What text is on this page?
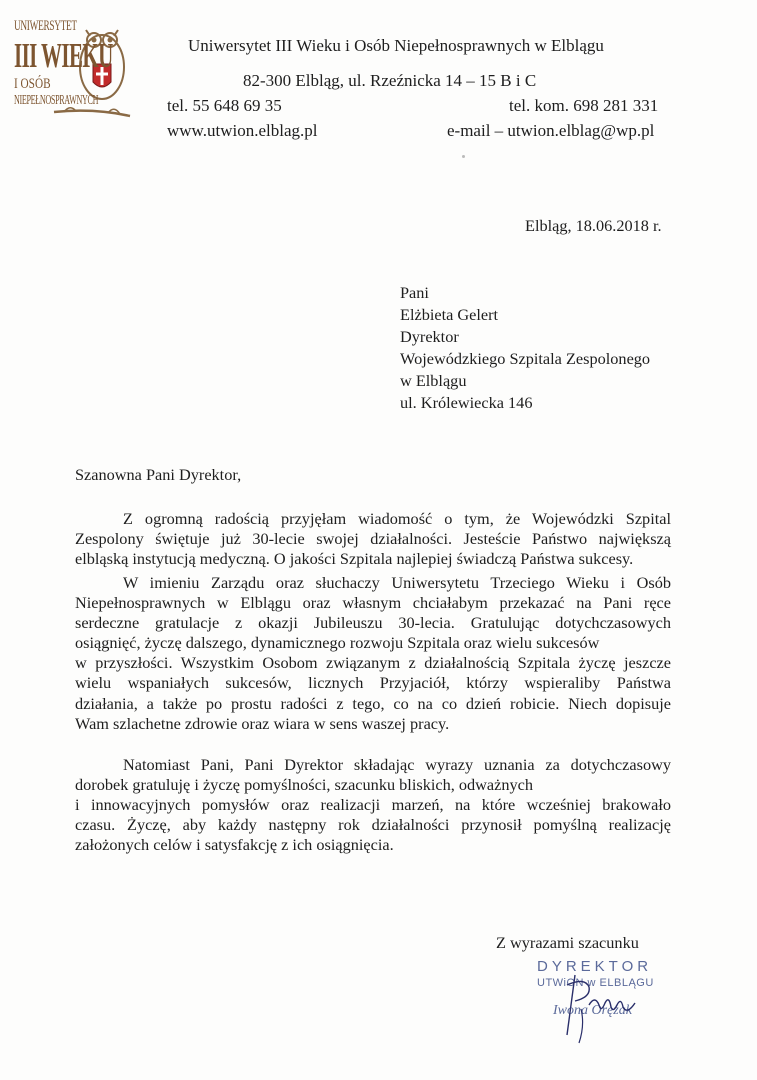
UNIWERSYTET
III WIEKU
I OSÓB
NIEPEŁNOSPRAWNYCH
Uniwersytet III Wieku i Osób Niepełnosprawnych w Elblągu
82-300 Elbląg, ul. Rzeźnicka 14 – 15 B i C
tel. 55 648 69 35	tel. kom. 698 281 331
www.utwion.elblag.pl	e-mail – utwion.elblag@wp.pl
Elbląg, 18.06.2018 r.
Pani
Elżbieta Gelert
Dyrektor
Wojewódzkiego Szpitala Zespolonego
w Elblągu
ul. Królewiecka 146
Szanowna Pani Dyrektor,
Z ogromną radością przyjęłam wiadomość o tym, że Wojewódzki Szpital
Zespolony świętuje już 30-lecie swojej działalności. Jesteście Państwo największą
elbląską instytucją medyczną. O jakości Szpitala najlepiej świadczą Państwa sukcesy.
W imieniu Zarządu oraz słuchaczy Uniwersytetu Trzeciego Wieku i Osób
Niepełnosprawnych w Elblągu oraz własnym chciałabym przekazać na Pani ręce
serdeczne gratulacje z okazji Jubileuszu 30-lecia. Gratulując dotychczasowych
osiągnięć, życzę dalszego, dynamicznego rozwoju Szpitala oraz wielu sukcesów
w przyszłości. Wszystkim Osobom związanym z działalnością Szpitala życzę jeszcze
wielu wspaniałych sukcesów, licznych Przyjaciół, którzy wspieraliby Państwa
działania, a także po prostu radości z tego, co na co dzień robicie. Niech dopisuje
Wam szlachetne zdrowie oraz wiara w sens waszej pracy.
Natomiast Pani, Pani Dyrektor składając wyrazy uznania za dotychczasowy
dorobek gratuluję i życzę pomyślności, szacunku bliskich, odważnych
i innowacyjnych pomysłów oraz realizacji marzeń, na które wcześniej brakowało
czasu. Życzę, aby każdy następny rok działalności przynosił pomyślną realizację
założonych celów i satysfakcję z ich osiągnięcia.
Z wyrazami szacunku
DYREKTOR
UTWiON w ELBLĄGU
Iwona Orężak
